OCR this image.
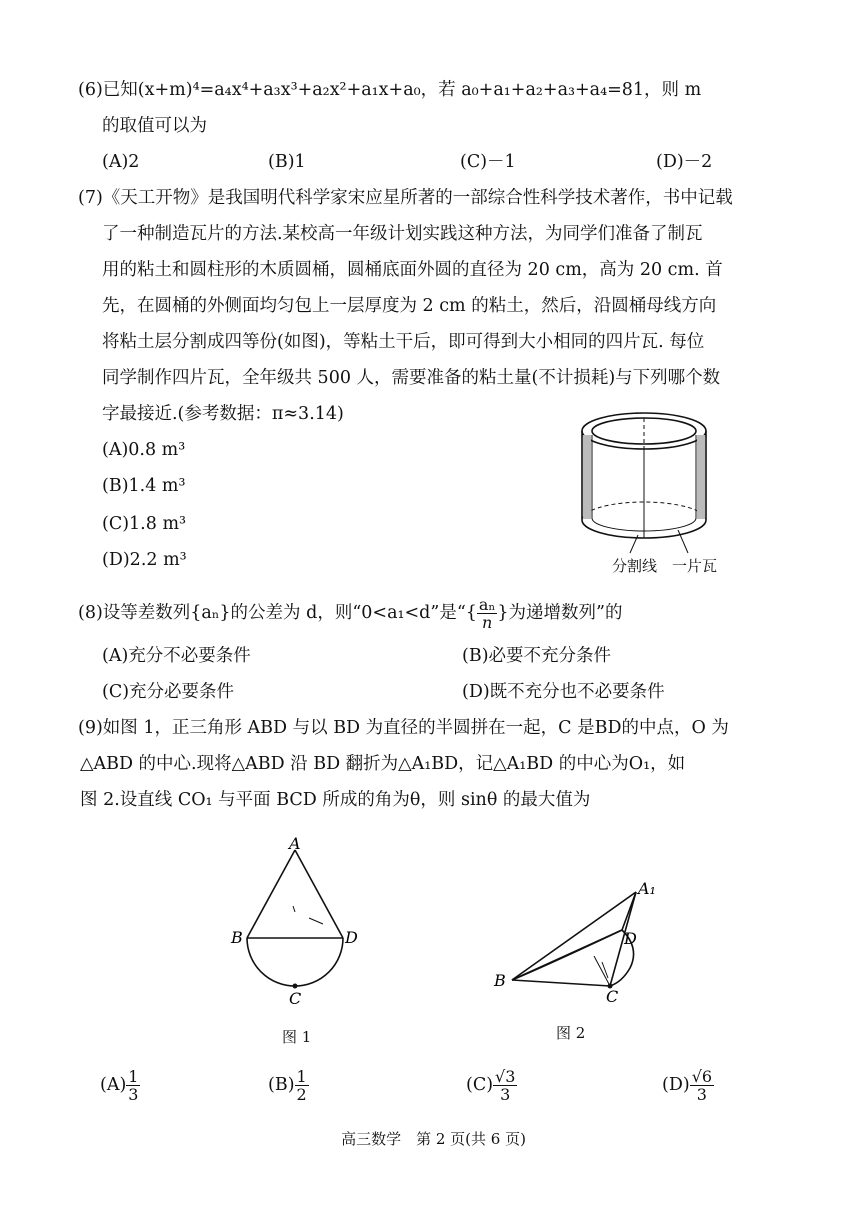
(6)已知(x+m)⁴=a₄x⁴+a₃x³+a₂x²+a₁x+a₀，若 a₀+a₁+a₂+a₃+a₄=81，则 m
的取值可以为
(A)2	(B)1	(C)－1	(D)－2
(7)《天工开物》是我国明代科学家宋应星所著的一部综合性科学技术著作，书中记载
了一种制造瓦片的方法.某校高一年级计划实践这种方法，为同学们准备了制瓦
用的粘土和圆柱形的木质圆桶，圆桶底面外圆的直径为 20 cm，高为 20 cm. 首
先，在圆桶的外侧面均匀包上一层厚度为 2 cm 的粘土，然后，沿圆桶母线方向
将粘土层分割成四等份(如图)，等粘土干后，即可得到大小相同的四片瓦. 每位
同学制作四片瓦，全年级共 500 人，需要准备的粘土量(不计损耗)与下列哪个数
字最接近.(参考数据：π≈3.14)
(A)0.8 m³
(B)1.4 m³
(C)1.8 m³
(D)2.2 m³	分割线 一片瓦
(8)设等差数列{aₙ}的公差为 d，则“0<a₁<d”是“{ $\frac{\text{aₙ}}{n}$ }为递增数列”的
(A)充分不必要条件	(B)必要不充分条件
(C)充分必要条件	(D)既不充分也不必要条件
(9)如图 1，正三角形 ABD 与以 BD 为直径的半圆拼在一起，C 是BD的中点，O 为
△ABD 的中心.现将△ABD 沿 BD 翻折为△A₁BD，记△A₁BD 的中心为O₁，如
图 2.设直线 CO₁ 与平面 BCD 所成的角为θ，则 sinθ 的最大值为
A
B	D
C
图 1
A₁
D
B
C
图 2
$(A) \frac{1}{3}$	$(B) \frac{1}{2}$	$(C) \frac{√3}{3}$	$(D) \frac{√6}{3}$
高三数学　第 2 页(共 6 页)
